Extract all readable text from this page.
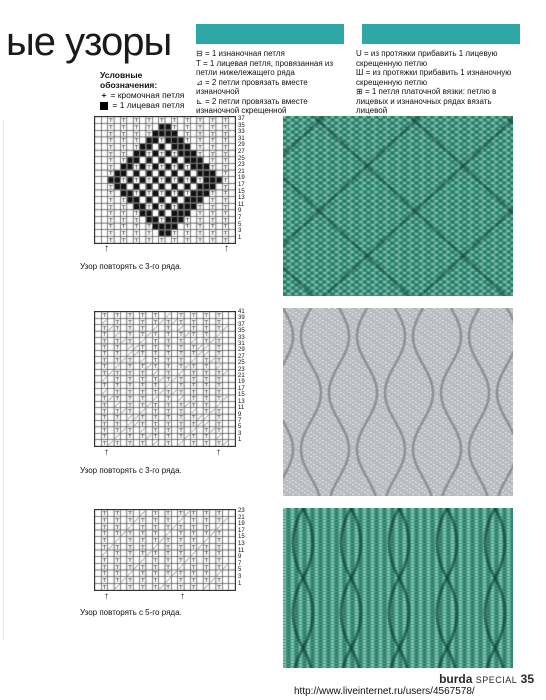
ые узоры
Условные
обозначения:
+ = кромочная петля
= 1 лицевая петля
⊟ = 1 изнаночная петля
T = 1 лицевая петля, провязанная из петли нижележащего ряда
⊿ = 2 петли провязать вместе изнаночной
⊾ = 2 петли провязать вместе изнаночной скрещенной
U = из протяжки прибавить 1 лицевую скрещенную петлю
Ш = из протяжки прибавить 1 изнаночную скрещенную петлю
⊞ = 1 петля платочной вязки: петлю в лицевых и изнаночных рядах вязать лицевой
37
35
33
31
29
27
25
23
21
19
17
15
13
11
9
7
5
3
1
↑	↑
Узор повторять с 3-го ряда.
41
39
37
35
33
31
29
27
25
23
21
19
17
15
13
11
9
7
5
3
1
↑	↑
Узор повторять с 3-го ряда.
23
21
19
17
15
13
11
9
7
5
3
1
↑	↑
Узор повторять с 5-го ряда.
burda SPECIAL 35
http://www.liveinternet.ru/users/4567578/
